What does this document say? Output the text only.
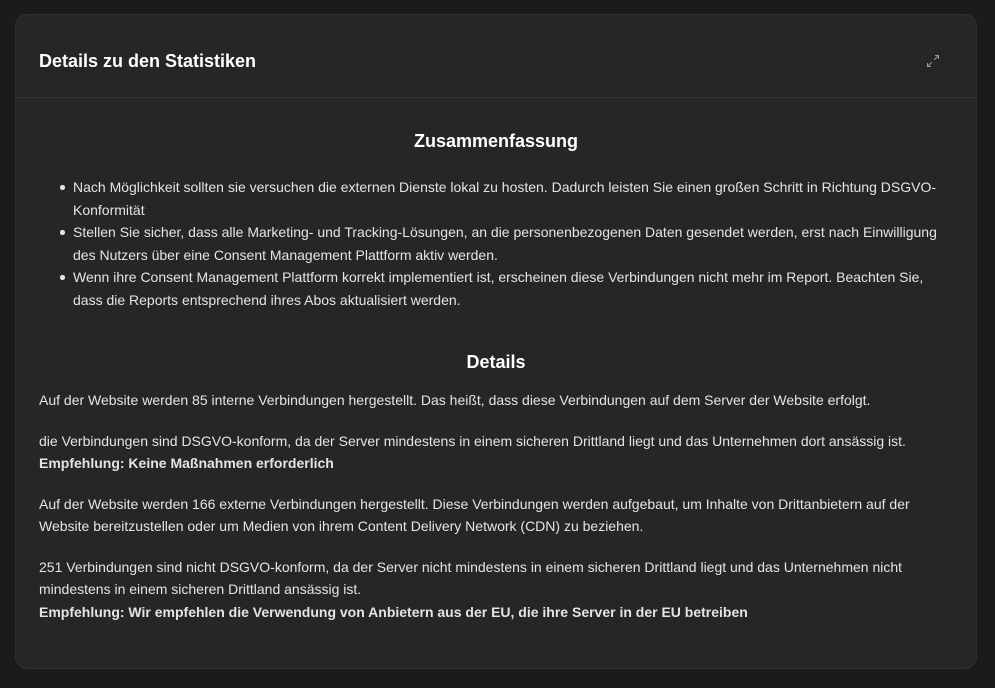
Details zu den Statistiken
Zusammenfassung
Nach Möglichkeit sollten sie versuchen die externen Dienste lokal zu hosten. Dadurch leisten Sie einen großen Schritt in Richtung DSGVO-Konformität
Stellen Sie sicher, dass alle Marketing- und Tracking-Lösungen, an die personenbezogenen Daten gesendet werden, erst nach Einwilligung des Nutzers über eine Consent Management Plattform aktiv werden.
Wenn ihre Consent Management Plattform korrekt implementiert ist, erscheinen diese Verbindungen nicht mehr im Report. Beachten Sie, dass die Reports entsprechend ihres Abos aktualisiert werden.
Details

Auf der Website werden 85 interne Verbindungen hergestellt. Das heißt, dass diese Verbindungen auf dem Server der Website erfolgt.

die Verbindungen sind DSGVO-konform, da der Server mindestens in einem sicheren Drittland liegt und das Unternehmen dort ansässig ist.
Empfehlung: Keine Maßnahmen erforderlich

Auf der Website werden 166 externe Verbindungen hergestellt. Diese Verbindungen werden aufgebaut, um Inhalte von Drittanbietern auf der Website bereitzustellen oder um Medien von ihrem Content Delivery Network (CDN) zu beziehen.

251 Verbindungen sind nicht DSGVO-konform, da der Server nicht mindestens in einem sicheren Drittland liegt und das Unternehmen nicht mindestens in einem sicheren Drittland ansässig ist.
Empfehlung: Wir empfehlen die Verwendung von Anbietern aus der EU, die ihre Server in der EU betreiben
